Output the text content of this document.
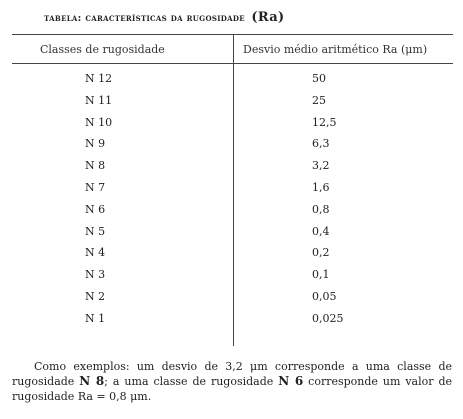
tabela: características da rugosidade (Ra)
Classes de rugosidade	Desvio médio aritmético Ra (μm)
N 12	50
N 11	25
N 10	12,5
N 9	6,3
N 8	3,2
N 7	1,6
N 6	0,8
N 5	0,4
N 4	0,2
N 3	0,1
N 2	0,05
N 1	0,025
Como exemplos: um desvio de 3,2 μm corresponde a uma classe de rugosidade N 8; a uma classe de rugosidade N 6 corresponde um valor de rugosidade Ra = 0,8 μm.
